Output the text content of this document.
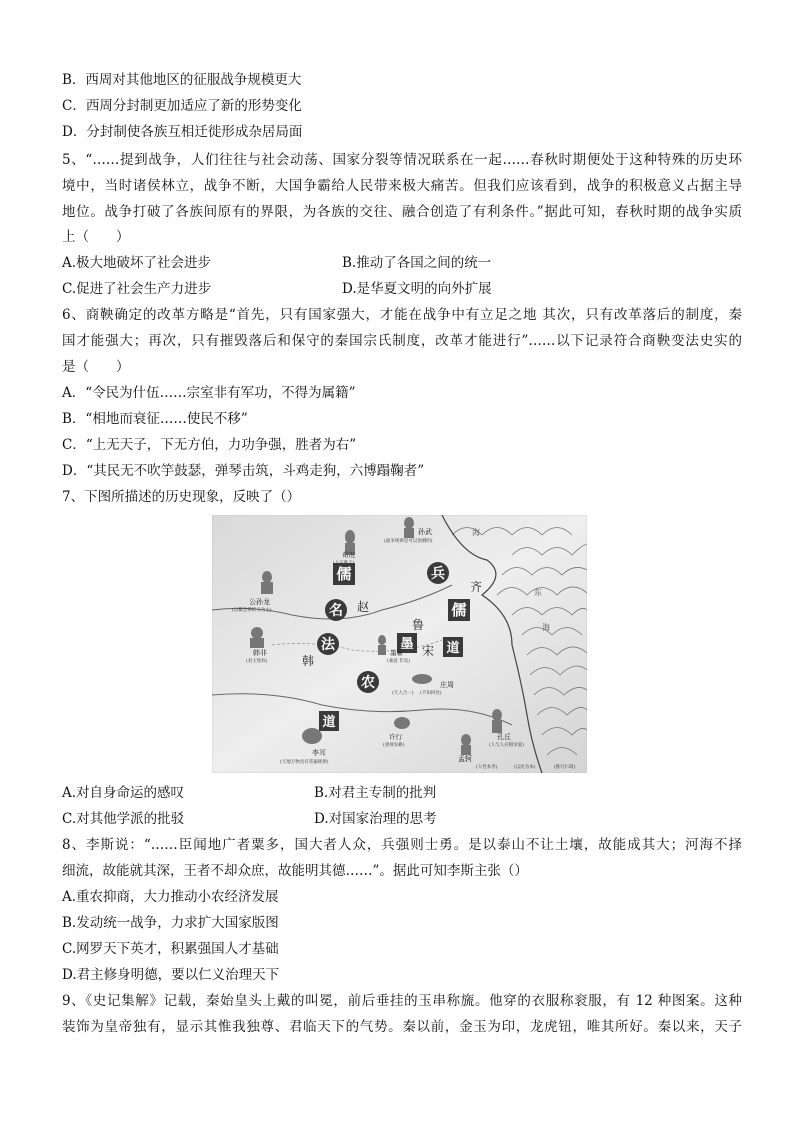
B．西周对其他地区的征服战争规模更大
C．西周分封制更加适应了新的形势变化
D．分封制使各族互相迁徙形成杂居局面
5、“……提到战争，人们往往与社会动荡、国家分裂等情况联系在一起……春秋时期便处于这种特殊的历史环
境中，当时诸侯林立，战争不断，大国争霸给人民带来极大痛苦。但我们应该看到，战争的积极意义占据主导
地位。战争打破了各族间原有的界限，为各族的交往、融合创造了有利条件。”据此可知，春秋时期的战争实质
上（　　）
A.极大地破坏了社会进步	B.推动了各国之间的统一
C.促进了社会生产力进步	D.是华夏文明的向外扩展
6、商鞅确定的改革方略是“首先，只有国家强大，才能在战争中有立足之地 其次，只有改革落后的制度，秦
国才能强大；再次，只有摧毁落后和保守的秦国宗氏制度，改革才能进行”……以下记录符合商鞅变法史实的
是（　　）
A．“令民为什伍……宗室非有军功，不得为属籍”
B．“相地而衰征……使民不移”
C．“上无天子，下无方伯，力功争强，胜者为右”
D．“其民无不吹竽鼓瑟，弹琴击筑，斗鸡走狗，六博蹋鞠者”
7、下图所描述的历史现象，反映了（）
海
东
海
齐
赵
鲁
宋
韩
儒	兵
名	儒
墨
法	道
农
道
荀况
孙武
公孙龙
韩非	墨翟
庄周
孔丘
孟轲
许行
李耳
(人定胜天)
(战争规律是可以预测的)
(以概念辨析义为主)
(君主集权)	(兼爱 非攻)
(天人合一) (不知何处)
(人与人应相亲爱)
(人性本善)	(以民为本)	(推行仁政)
(重视农耕)
(天地万物具有普遍规律)
A.对自身命运的感叹	B.对君主专制的批判
C.对其他学派的批驳	D.对国家治理的思考
8、李斯说：“……臣闻地广者粟多，国大者人众，兵强则士勇。是以泰山不让土壤，故能成其大；河海不择
细流，故能就其深，王者不却众庶，故能明其德……”。据此可知李斯主张（）
A.重农抑商，大力推动小农经济发展
B.发动统一战争，力求扩大国家版图
C.网罗天下英才，积累强国人才基础
D.君主修身明德，要以仁义治理天下
9、《史记集解》记载，秦始皇头上戴的叫冕，前后垂挂的玉串称旒。他穿的衣服称衮服，有 12 种图案。这种
装饰为皇帝独有，显示其惟我独尊、君临天下的气势。秦以前，金玉为印，龙虎钮，唯其所好。秦以来，天子
